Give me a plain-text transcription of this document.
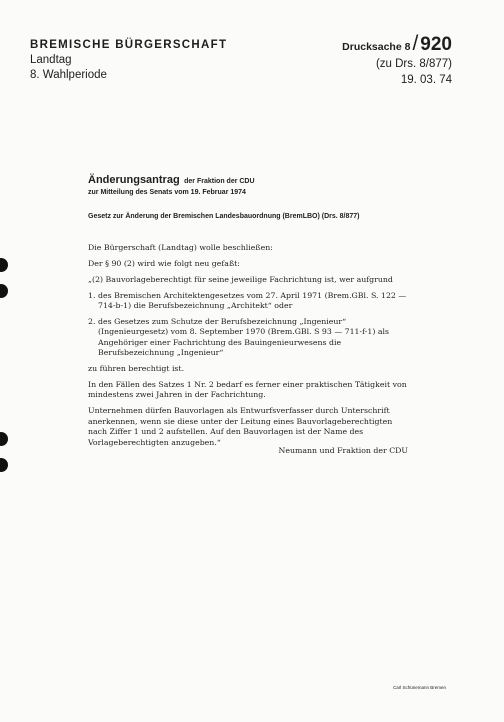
BREMISCHE BÜRGERSCHAFT
Landtag
8. Wahlperiode
Drucksache 8/ 920
(zu Drs. 8/877)
19. 03. 74
Änderungsantrag der Fraktion der CDU
zur Mitteilung des Senats vom 19. Februar 1974
Gesetz zur Änderung der Bremischen Landesbauordnung (BremLBO) (Drs. 8/877)

Die Bürgerschaft (Landtag) wolle beschließen:

Der § 90 (2) wird wie folgt neu gefaßt:

„(2) Bauvorlageberechtigt für seine jeweilige Fachrichtung ist, wer aufgrund

1. des Bremischen Architektengesetzes vom 27. April 1971 (Brem.GBl. S. 122 — 714-b-1) die Berufsbezeichnung „Architekt“ oder

2. des Gesetzes zum Schutze der Berufsbezeichnung „Ingenieur“ (Ingenieurgesetz) vom 8. September 1970 (Brem.GBl. S 93 — 711-f-1) als Angehöriger einer Fachrichtung des Bauingenieurwesens die Berufsbezeichnung „Ingenieur“

zu führen berechtigt ist.

In den Fällen des Satzes 1 Nr. 2 bedarf es ferner einer praktischen Tätigkeit von mindestens zwei Jahren in der Fachrichtung.

Unternehmen dürfen Bauvorlagen als Entwurfsverfasser durch Unterschrift anerkennen, wenn sie diese unter der Leitung eines Bauvorlageberechtigten nach Ziffer 1 und 2 aufstellen. Auf den Bauvorlagen ist der Name des Vorlageberechtigten anzugeben.“

Neumann und Fraktion der CDU
Carl Schünemann Bremen
